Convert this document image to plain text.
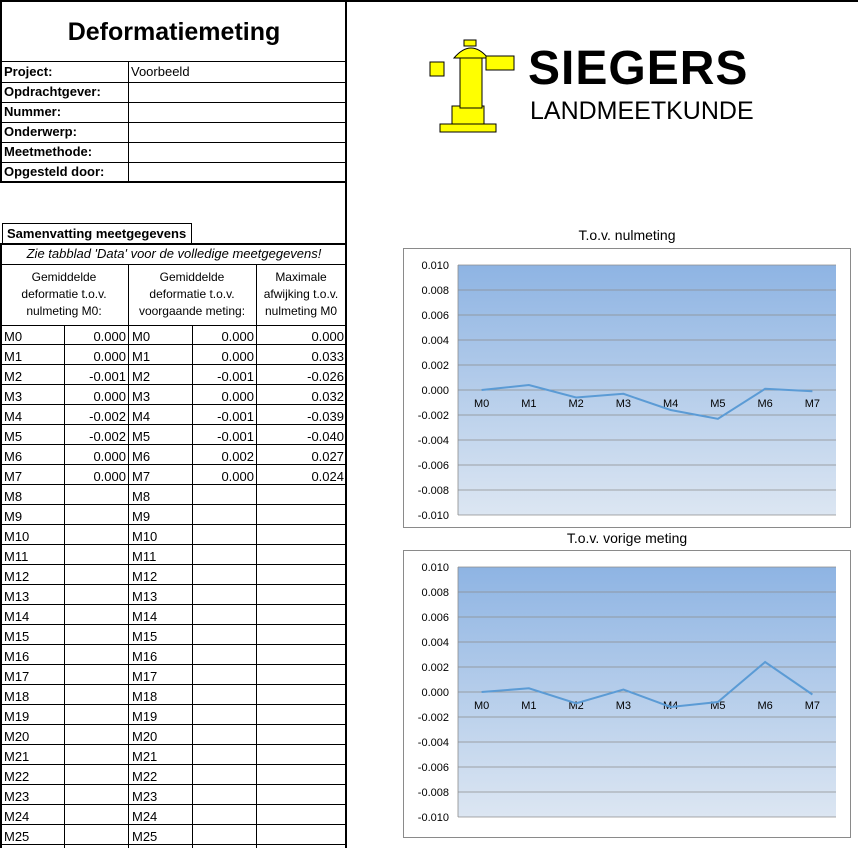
Deformatiemeting
Project:	Voorbeeld
Opdrachtgever:
Nummer:
Onderwerp:
Meetmethode:
Opgesteld door:
SIEGERS
LANDMEETKUNDE
Samenvatting meetgegevens
Zie tabblad 'Data' voor de volledige meetgegevens!
Gemiddelde deformatie t.o.v. nulmeting M0:
Gemiddelde deformatie t.o.v. voorgaande meting:
Maximale afwijking t.o.v. nulmeting M0
M0	0.000 M0	0.000	0.000
M1	0.000 M1	0.000	0.033
M2	-0.001 M2	-0.001	-0.026
M3	0.000 M3	0.000	0.032
M4	-0.002 M4	-0.001	-0.039
M5	-0.002 M5	-0.001	-0.040
M6	0.000 M6	0.002	0.027
M7	0.000 M7	0.000	0.024
M8	M8
M9	M9
M10	M10
M11	M11
M12	M12
M13	M13
M14	M14
M15	M15
M16	M16
M17	M17
M18	M18
M19	M19
M20	M20
M21	M21
M22	M22
M23	M23
M24	M24
M25	M25
T.o.v. nulmeting
0.010
0.008
0.006
0.004
0.002
0.000
-0.002
-0.004
-0.006
-0.008
-0.010
M0	M1	M2	M3	M4	M5	M6	M7
T.o.v. vorige meting
0.010
0.008
0.006
0.004
0.002
0.000
-0.002
-0.004
-0.006
-0.008
-0.010
M0	M1	M2	M3	M4	M5	M6	M7
